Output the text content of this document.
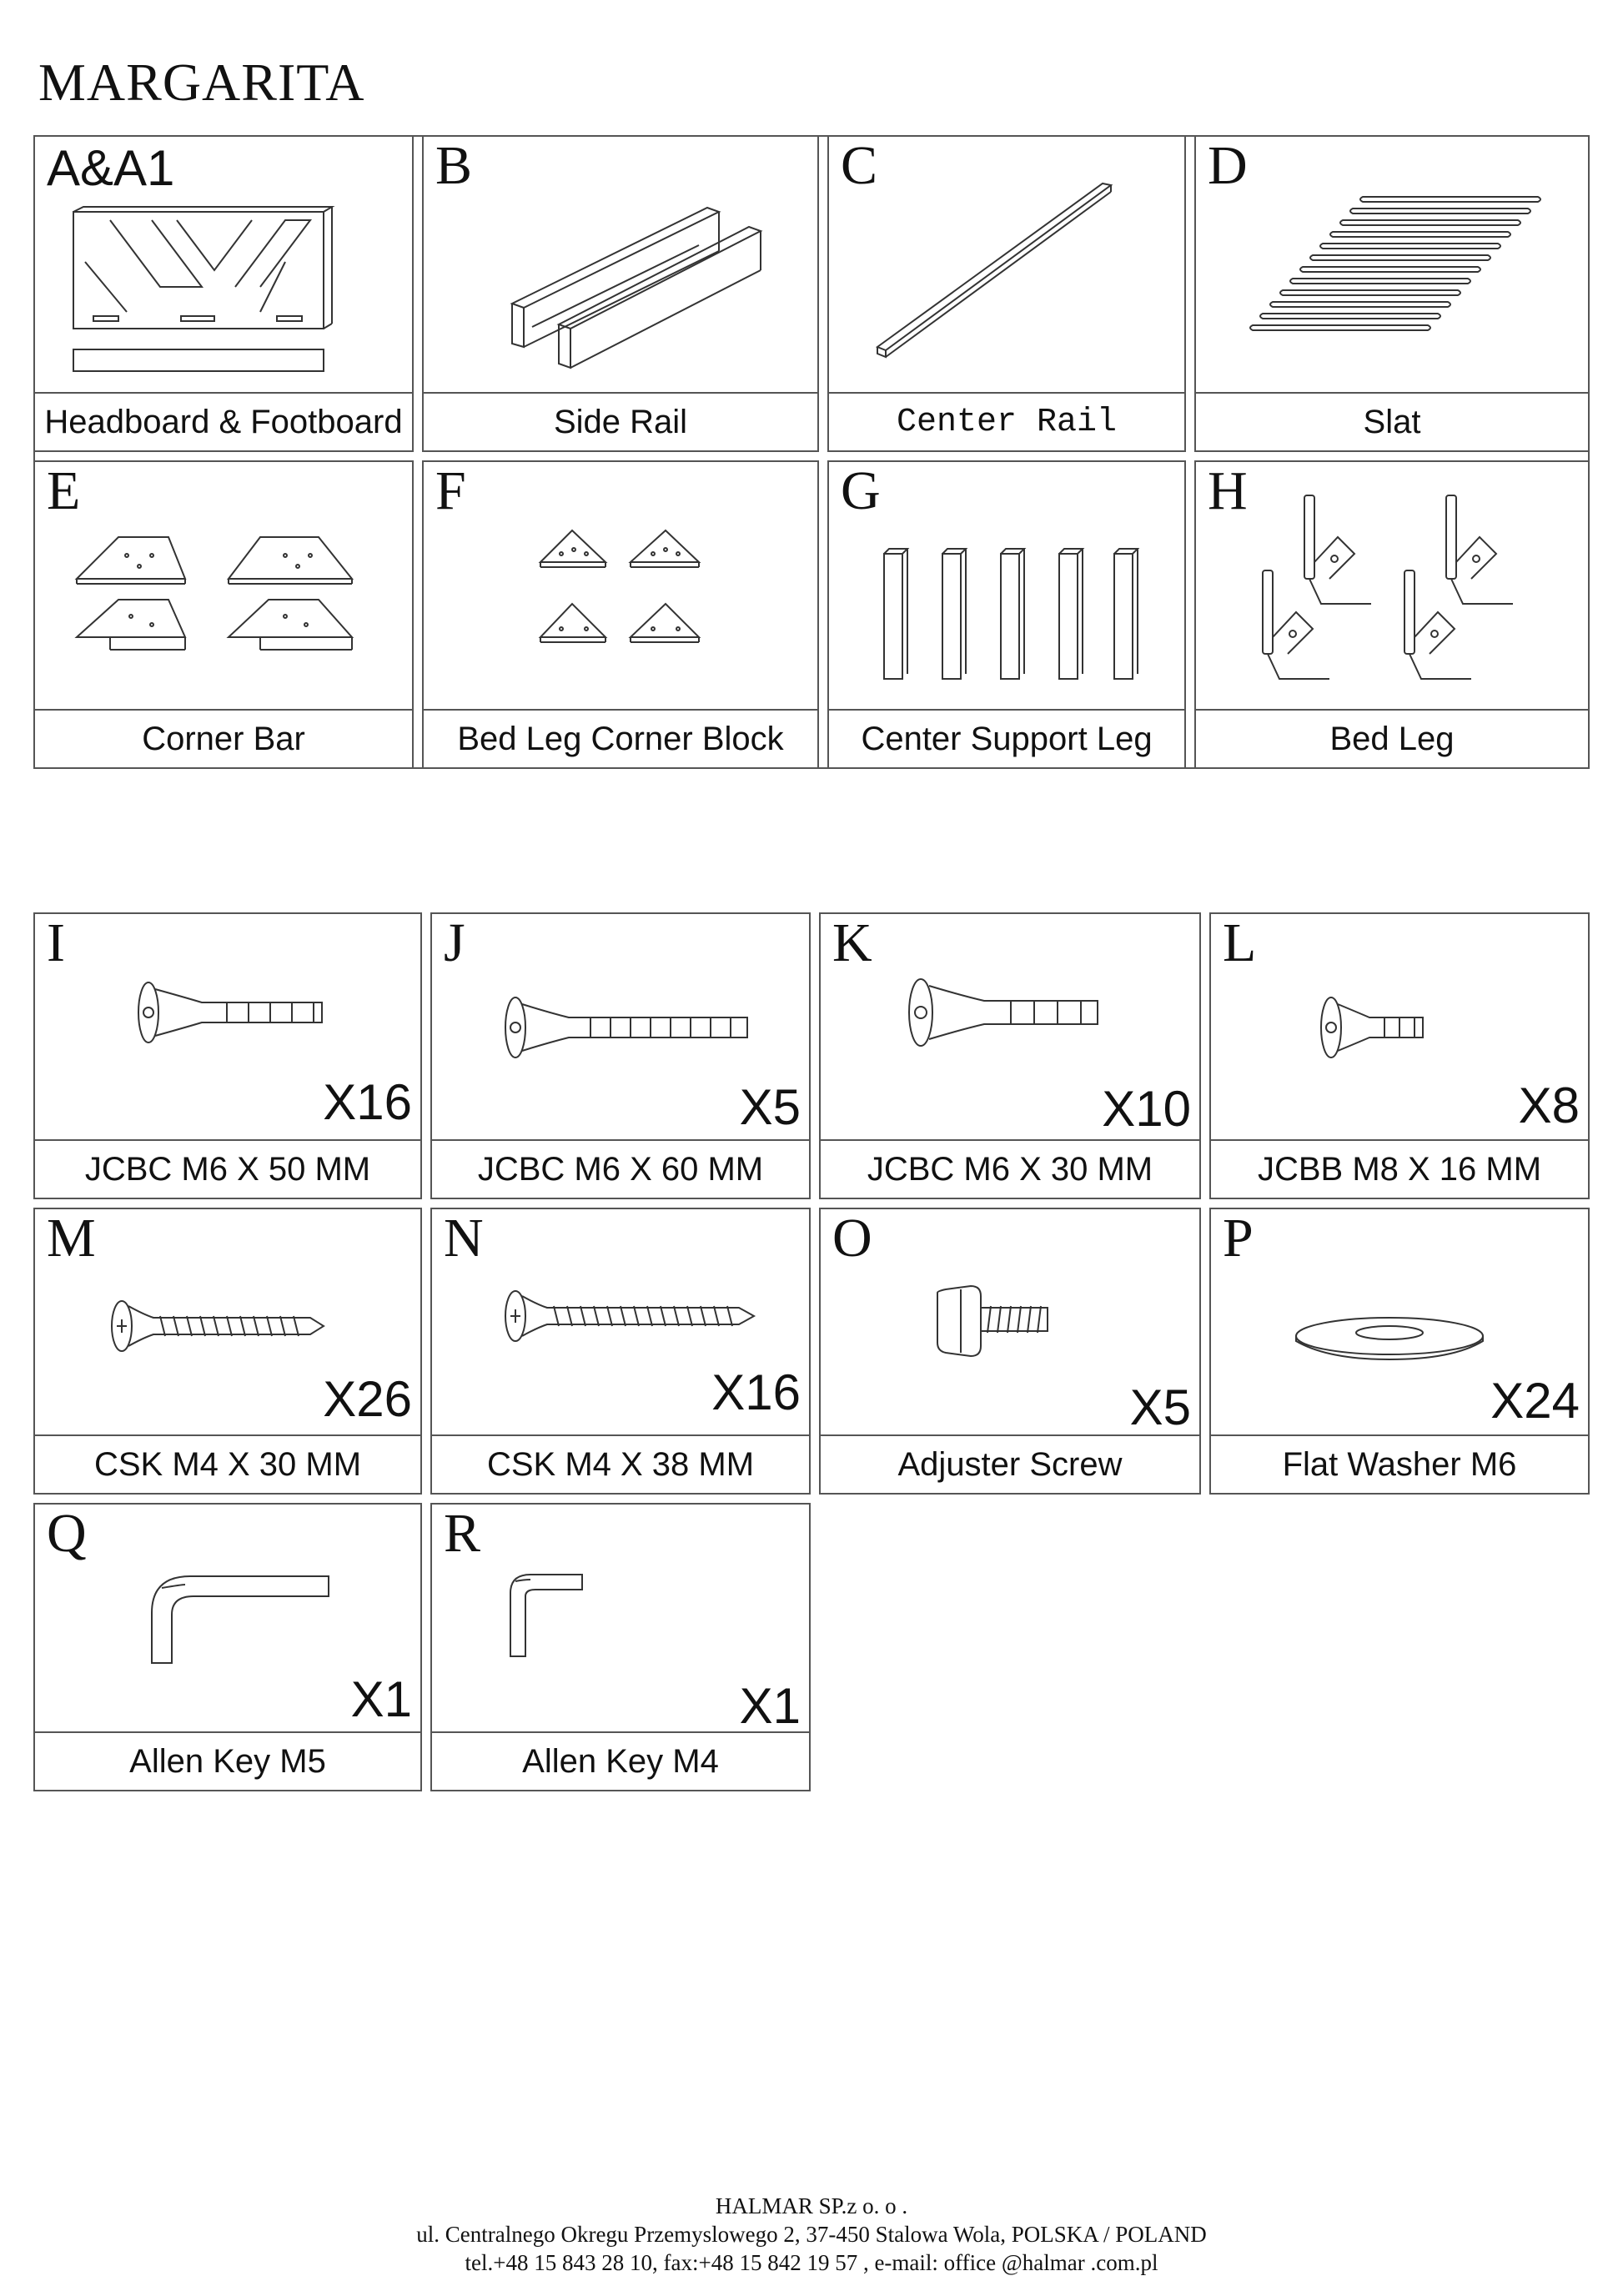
MARGARITA
A&A1
Headboard & Footboard
B
Side Rail
C
Center Rail
D
Slat
E
Corner Bar
F
Bed Leg Corner Block
G
Center Support Leg
H
Bed Leg
I
X16
JCBC M6 X 50 MM
J
X5
JCBC M6 X 60 MM
K
X10
JCBC M6 X 30 MM
L
X8
JCBB M8 X 16 MM
M
X26
CSK M4 X 30 MM
N
X16
CSK M4 X 38 MM
O
X5
Adjuster Screw
P
X24
Flat Washer M6
Q
X1
Allen Key M5
R
X1
Allen Key M4
HALMAR SP.z o. o .
ul. Centralnego Okregu Przemyslowego 2, 37-450 Stalowa Wola, POLSKA / POLAND
tel.+48 15 843 28 10, fax:+48 15 842 19 57 , e-mail: office @halmar .com.pl
